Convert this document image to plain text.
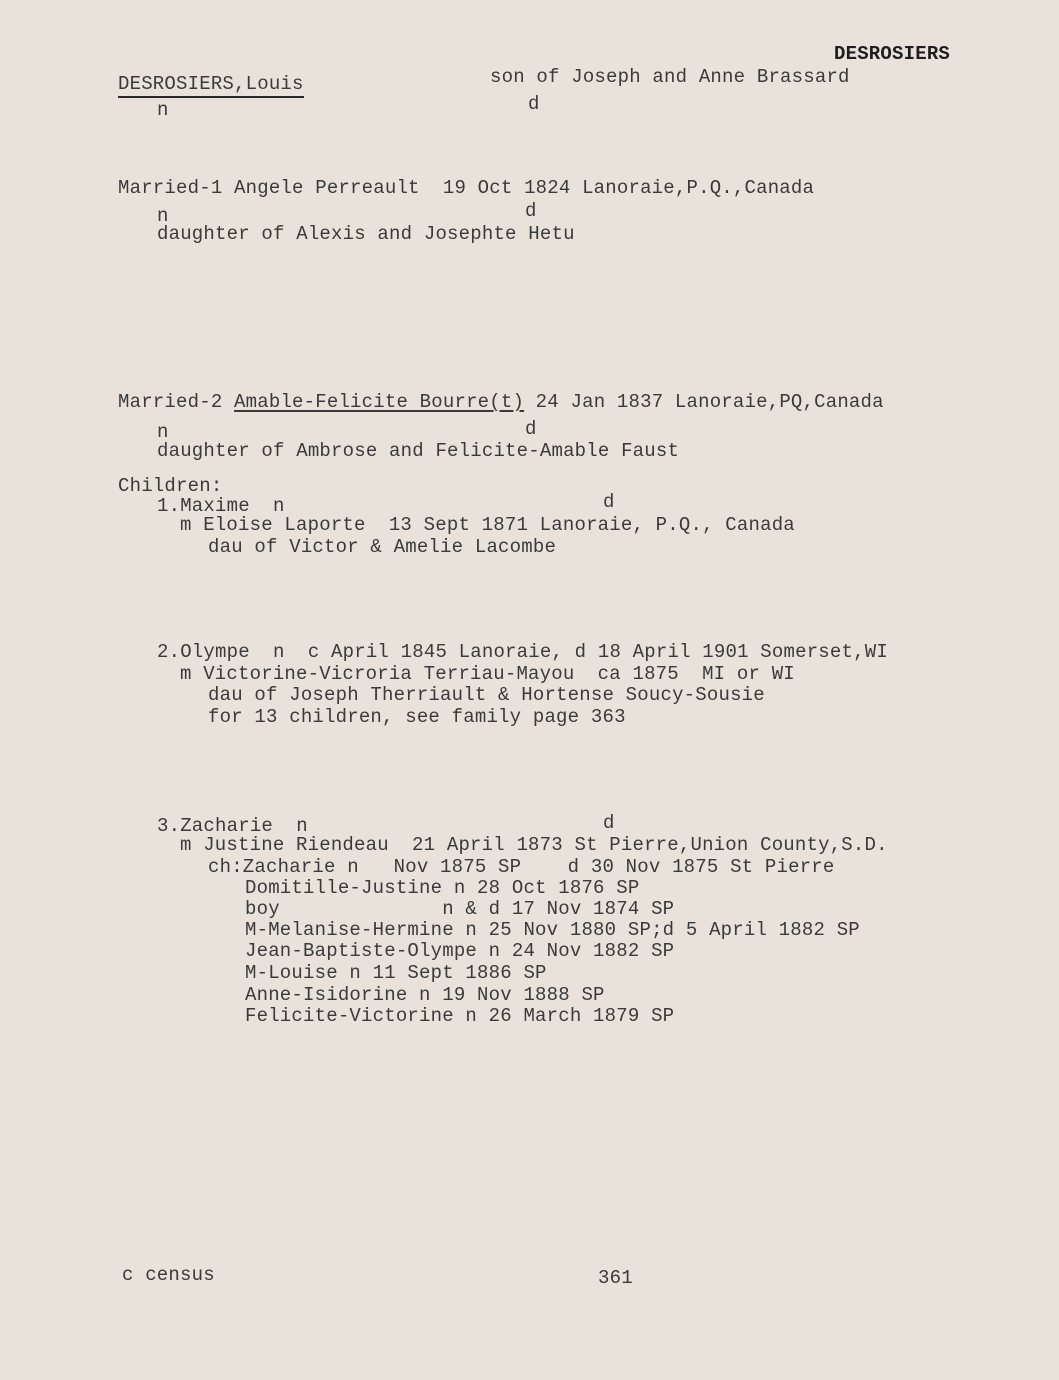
DESROSIERS
DESROSIERS,Louis	son of Joseph and Anne Brassard
n	d
Married-1 Angele Perreault  19 Oct 1824 Lanoraie,P.Q.,Canada
n	d
daughter of Alexis and Josephte Hetu
Married-2 Amable-Felicite Bourre(t) 24 Jan 1837 Lanoraie,PQ,Canada
n	d
daughter of Ambrose and Felicite-Amable Faust
Children:
1.Maxime  n	d
m Eloise Laporte  13 Sept 1871 Lanoraie, P.Q., Canada
dau of Victor & Amelie Lacombe
2.Olympe  n  c April 1845 Lanoraie, d 18 April 1901 Somerset,WI
m Victorine-Vicroria Terriau-Mayou  ca 1875  MI or WI
dau of Joseph Therriault & Hortense Soucy-Sousie
for 13 children, see family page 363
3.Zacharie  n	d
m Justine Riendeau  21 April 1873 St Pierre,Union County,S.D.
ch:Zacharie n   Nov 1875 SP    d 30 Nov 1875 St Pierre
Domitille-Justine n 28 Oct 1876 SP
boy              n & d 17 Nov 1874 SP
M-Melanise-Hermine n 25 Nov 1880 SP;d 5 April 1882 SP
Jean-Baptiste-Olympe n 24 Nov 1882 SP
M-Louise n 11 Sept 1886 SP
Anne-Isidorine n 19 Nov 1888 SP
Felicite-Victorine n 26 March 1879 SP
c census	361
